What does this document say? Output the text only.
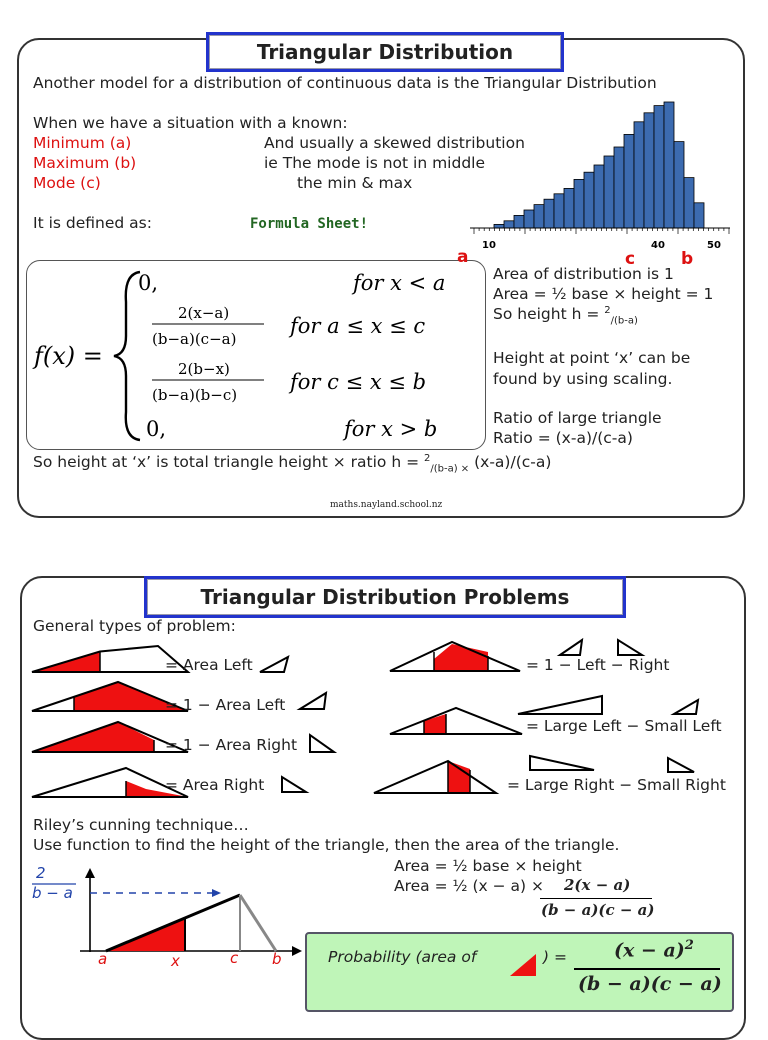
Triangular Distribution
Another model for a distribution of continuous data is the Triangular Distribution
When we have a situation with a known:
Minimum (a)
Maximum (b)
Mode (c)
And usually a skewed distribution
ie The mode is not in middle
the min & max
It is defined as:	Formula Sheet!
10	40	50
c	b
a
f(x) =
0,	for x < a
2(x−a)
(b−a)(c−a)
for a ≤ x ≤ c
2(b−x)
(b−a)(b−c)
for c ≤ x ≤ b
0,	for x > b
Area of distribution is 1
Area = ½ base × height = 1
So height h = $^2_{/(b-a)}$
Height at point ‘x’ can be
found by using scaling.
Ratio of large triangle
Ratio = (x-a)/(c-a)
So height at ‘x’ is total triangle height × ratio h = $^2_{/(b-a) \times}$ (x-a)/(c-a)
maths.nayland.school.nz
Triangular Distribution Problems
General types of problem:
= Area Left
= 1 − Area Left
= 1 − Area Right
= Area Right
= 1 − Left − Right
= Large Left − Small Left
= Large Right − Small Right
Riley’s cunning technique…
Use function to find the height of the triangle, then the area of the triangle.
2
b − a
a	x	c b
Area = ½ base × height
Area = ½ (x − a) × 2(x − a)
(b − a)(c − a)
Probability (area of	) = $(x - a)^2$
(b − a)(c − a)
